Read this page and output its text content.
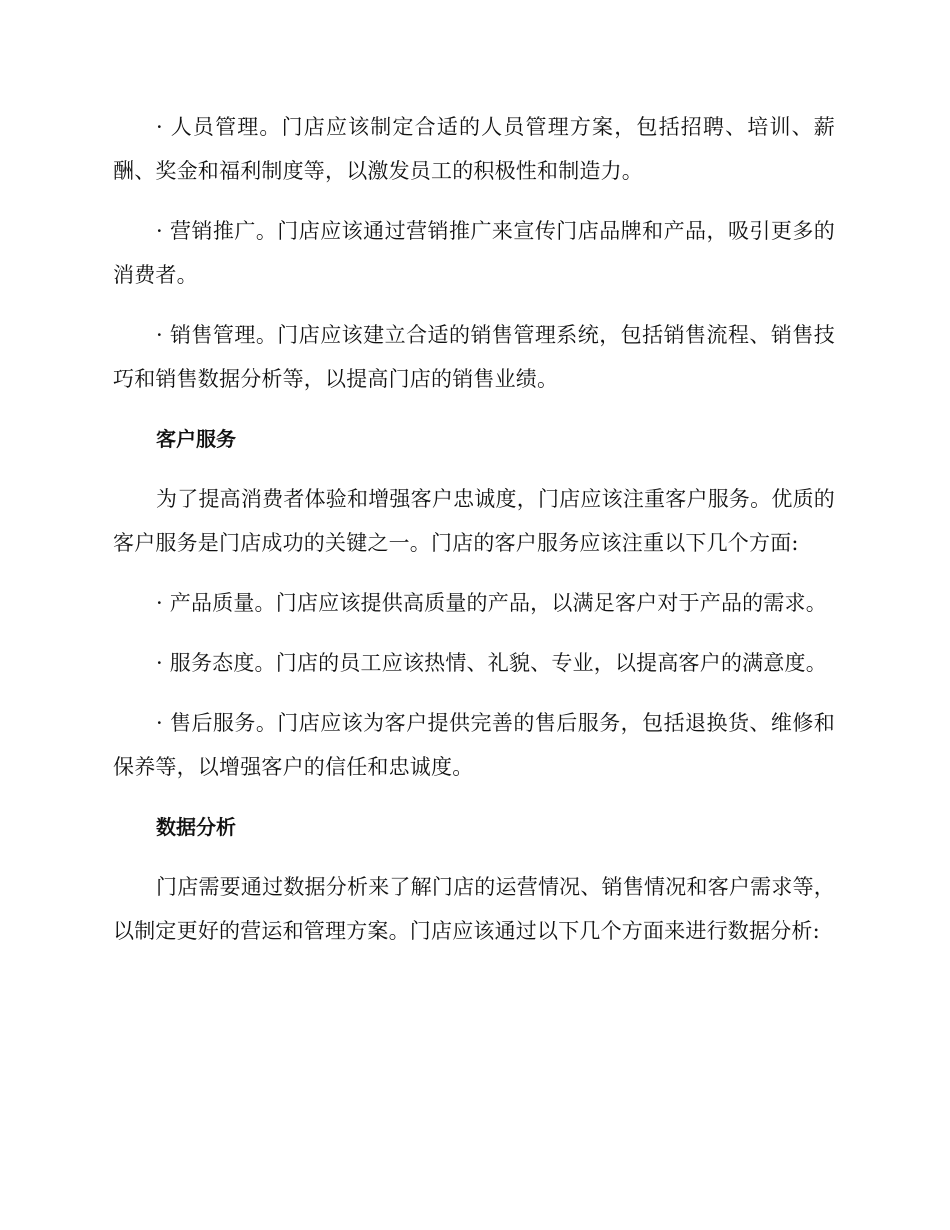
· 人员管理。门店应该制定合适的人员管理方案，包括招聘、培训、薪酬、奖金和福利制度等，以激发员工的积极性和制造力。

· 营销推广。门店应该通过营销推广来宣传门店品牌和产品，吸引更多的消费者。

· 销售管理。门店应该建立合适的销售管理系统，包括销售流程、销售技巧和销售数据分析等，以提高门店的销售业绩。

客户服务

为了提高消费者体验和增强客户忠诚度，门店应该注重客户服务。优质的客户服务是门店成功的关键之一。门店的客户服务应该注重以下几个方面:

· 产品质量。门店应该提供高质量的产品，以满足客户对于产品的需求。

· 服务态度。门店的员工应该热情、礼貌、专业，以提高客户的满意度。

· 售后服务。门店应该为客户提供完善的售后服务，包括退换货、维修和保养等，以增强客户的信任和忠诚度。

数据分析

门店需要通过数据分析来了解门店的运营情况、销售情况和客户需求等，以制定更好的营运和管理方案。门店应该通过以下几个方面来进行数据分析:
